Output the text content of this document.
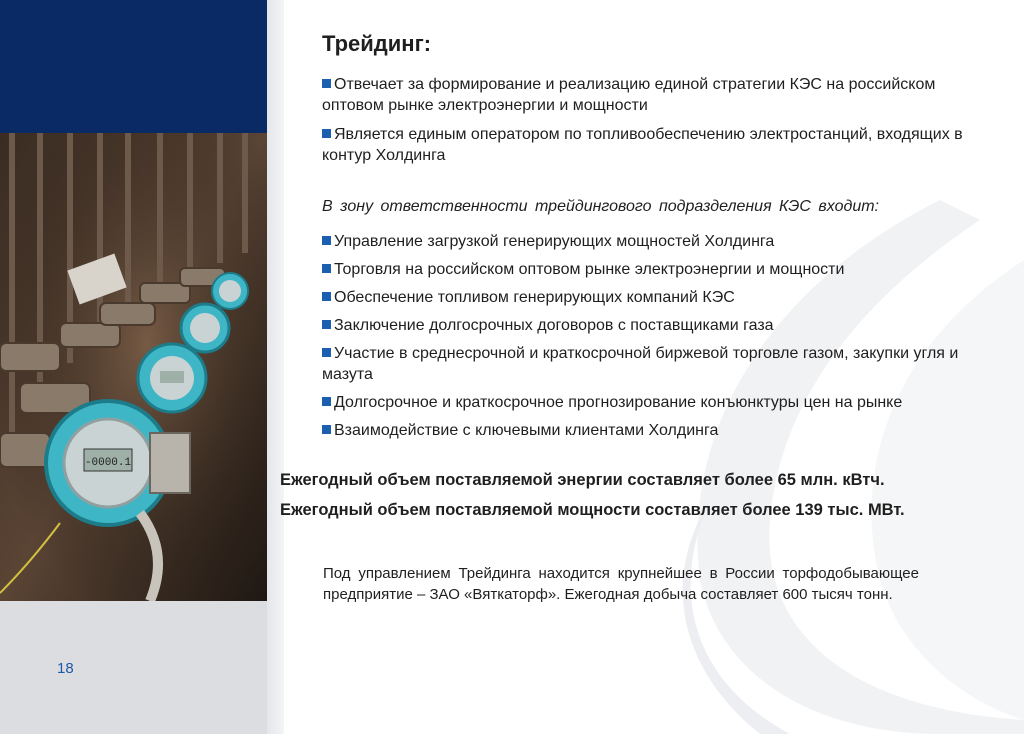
-0000.1
18
Трейдинг:
Отвечает за формирование и реализацию единой стратегии КЭС на российском оптовом рынке электроэнергии и мощности
Является единым оператором по топливообеспечению электростанций, входящих в контур Холдинга

В зону ответственности трейдингового подразделения КЭС входит:

Управление загрузкой генерирующих мощностей Холдинга
Торговля на российском оптовом рынке электроэнергии и мощности
Обеспечение топливом генерирующих компаний КЭС
Заключение долгосрочных договоров с поставщиками газа
Участие в среднесрочной и краткосрочной биржевой торговле газом, закупки угля и мазута
Долгосрочное и краткосрочное прогнозирование конъюнктуры цен на рынке
Взаимодействие с ключевыми клиентами Холдинга

Ежегодный объем поставляемой энергии составляет более 65 млн. кВтч.

Ежегодный объем поставляемой мощности составляет более 139 тыс. МВт.

Под управлением Трейдинга находится крупнейшее в России торфодобывающее предприятие – ЗАО «Вяткаторф». Ежегодная добыча составляет 600 тысяч тонн.
